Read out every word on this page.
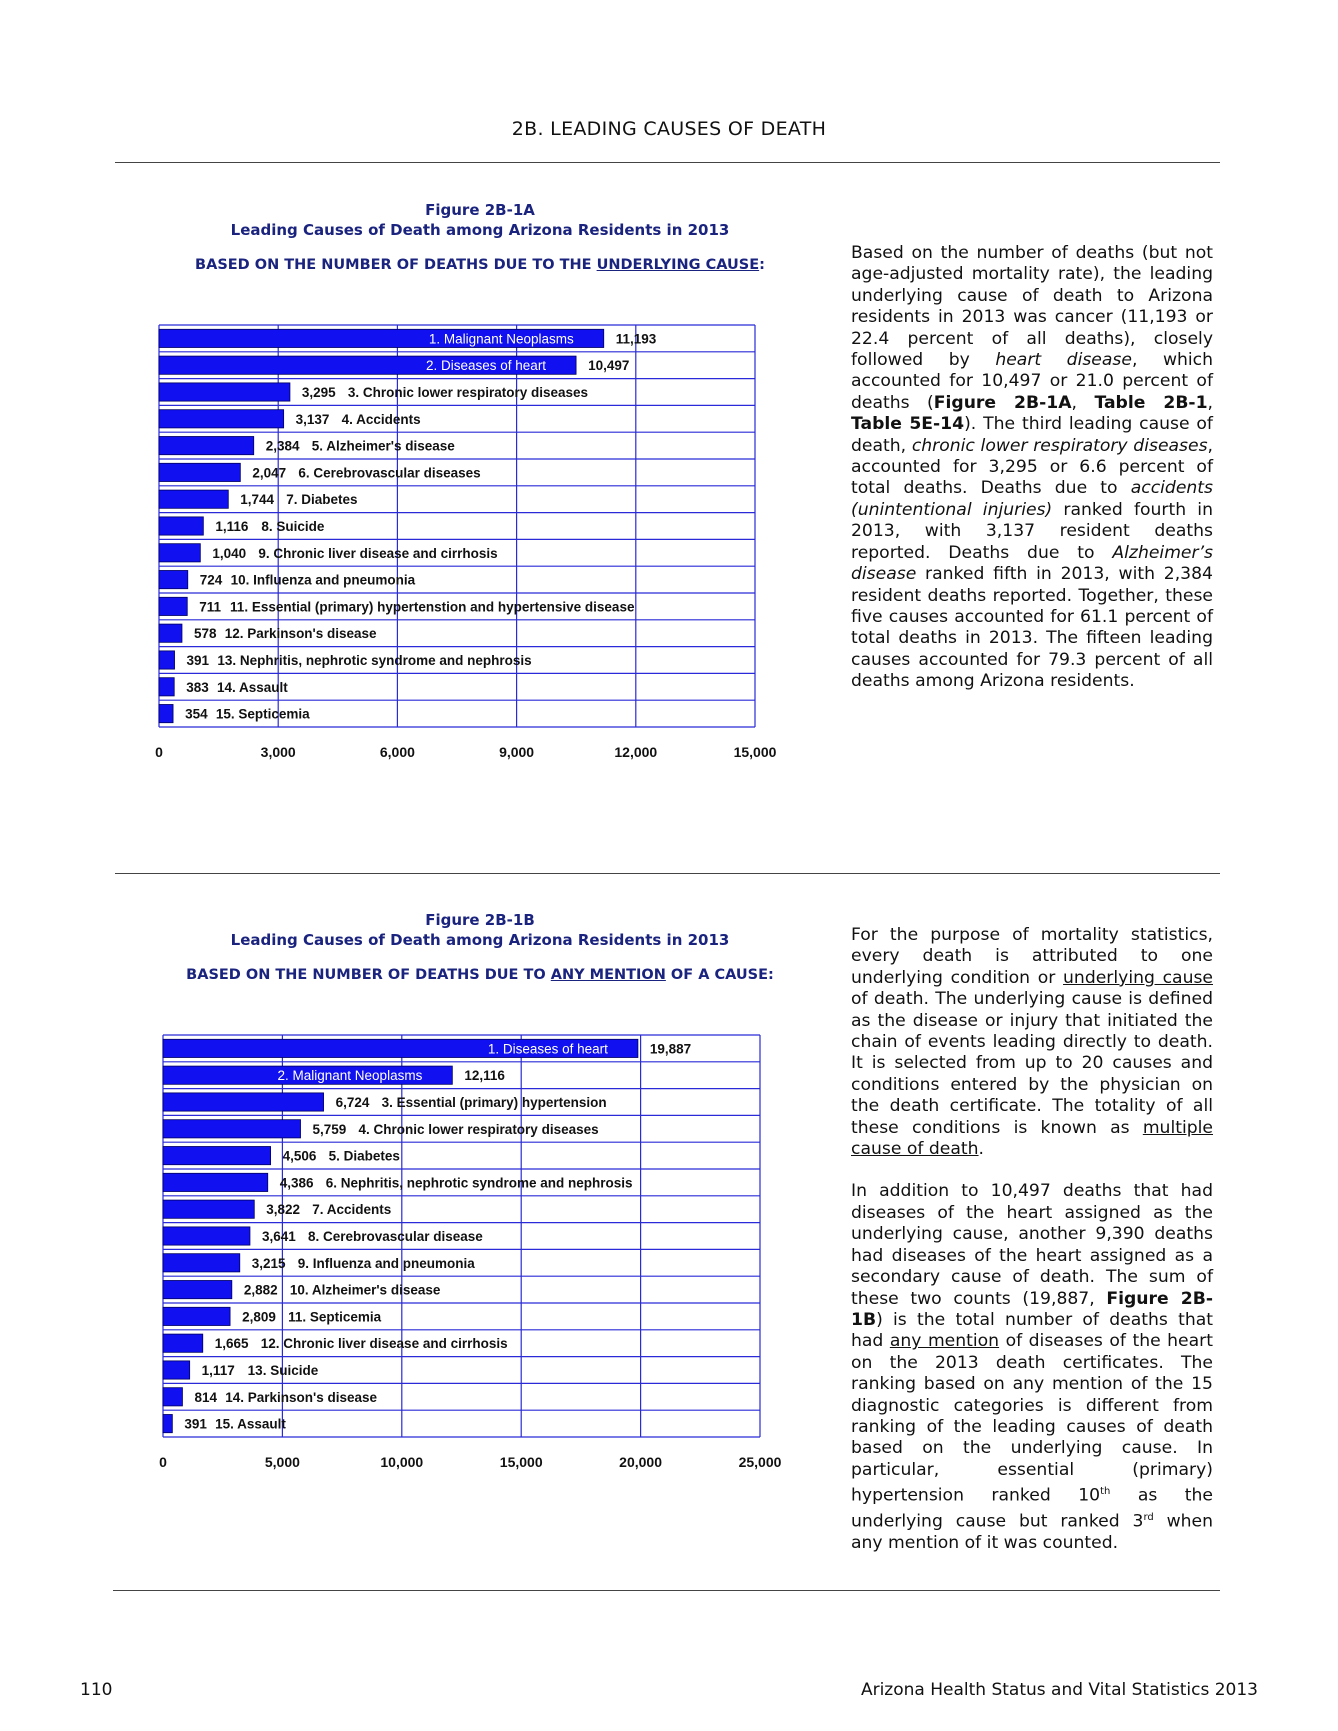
2B. LEADING CAUSES OF DEATH
Figure 2B-1A
Leading Causes of Death among Arizona Residents in 2013
BASED ON THE NUMBER OF DEATHS DUE TO THE UNDERLYING CAUSE:
1. Malignant Neoplasms	11,193
2. Diseases of heart	10,497
3,295 3. Chronic lower respiratory diseases
3,137 4. Accidents
2,384 5. Alzheimer's disease
2,047 6. Cerebrovascular diseases
1,744 7. Diabetes
1,116 8. Suicide
1,040 9. Chronic liver disease and cirrhosis
724 10. Influenza and pneumonia
711 11. Essential (primary) hypertenstion and hypertensive disease
578 12. Parkinson's disease
391 13. Nephritis, nephrotic syndrome and nephrosis
383 14. Assault
354 15. Septicemia
0	3,000	6,000	9,000	12,000	15,000

Based on the number of deaths (but not age-adjusted mortality rate), the leading underlying cause of death to Arizona residents in 2013 was cancer (11,193 or 22.4 percent of all deaths), closely followed by heart disease, which accounted for 10,497 or 21.0 percent of deaths (Figure 2B-1A, Table 2B-1, Table 5E-14). The third leading cause of death, chronic lower respiratory diseases, accounted for 3,295 or 6.6 percent of total deaths. Deaths due to accidents (unintentional injuries) ranked fourth in 2013, with 3,137 resident deaths reported. Deaths due to Alzheimer’s disease ranked fifth in 2013, with 2,384 resident deaths reported. Together, these five causes accounted for 61.1 percent of total deaths in 2013. The fifteen leading causes accounted for 79.3 percent of all deaths among Arizona residents.

Figure 2B-1B
Leading Causes of Death among Arizona Residents in 2013
BASED ON THE NUMBER OF DEATHS DUE TO ANY MENTION OF A CAUSE:
1. Diseases of heart	19,887
2. Malignant Neoplasms	12,116
6,724 3. Essential (primary) hypertension
5,759 4. Chronic lower respiratory diseases
4,506 5. Diabetes
4,386 6. Nephritis, nephrotic syndrome and nephrosis
3,822 7. Accidents
3,641 8. Cerebrovascular disease
3,215 9. Influenza and pneumonia
2,882 10. Alzheimer's disease
2,809 11. Septicemia
1,665 12. Chronic liver disease and cirrhosis
1,117 13. Suicide
814 14. Parkinson's disease
391 15. Assault
0	5,000	10,000	15,000	20,000	25,000

For the purpose of mortality statistics, every death is attributed to one underlying condition or underlying cause of death. The underlying cause is defined as the disease or injury that initiated the chain of events leading directly to death. It is selected from up to 20 causes and conditions entered by the physician on the death certificate. The totality of all these conditions is known as multiple cause of death.

In addition to 10,497 deaths that had diseases of the heart assigned as the underlying cause, another 9,390 deaths had diseases of the heart assigned as a secondary cause of death. The sum of these two counts (19,887, Figure 2B-1B) is the total number of deaths that had any mention of diseases of the heart on the 2013 death certificates. The ranking based on any mention of the 15 diagnostic categories is different from ranking of the leading causes of death based on the underlying cause. In particular, essential (primary) hypertension ranked 10th as the underlying cause but ranked 3rd when any mention of it was counted.

110	Arizona Health Status and Vital Statistics 2013
